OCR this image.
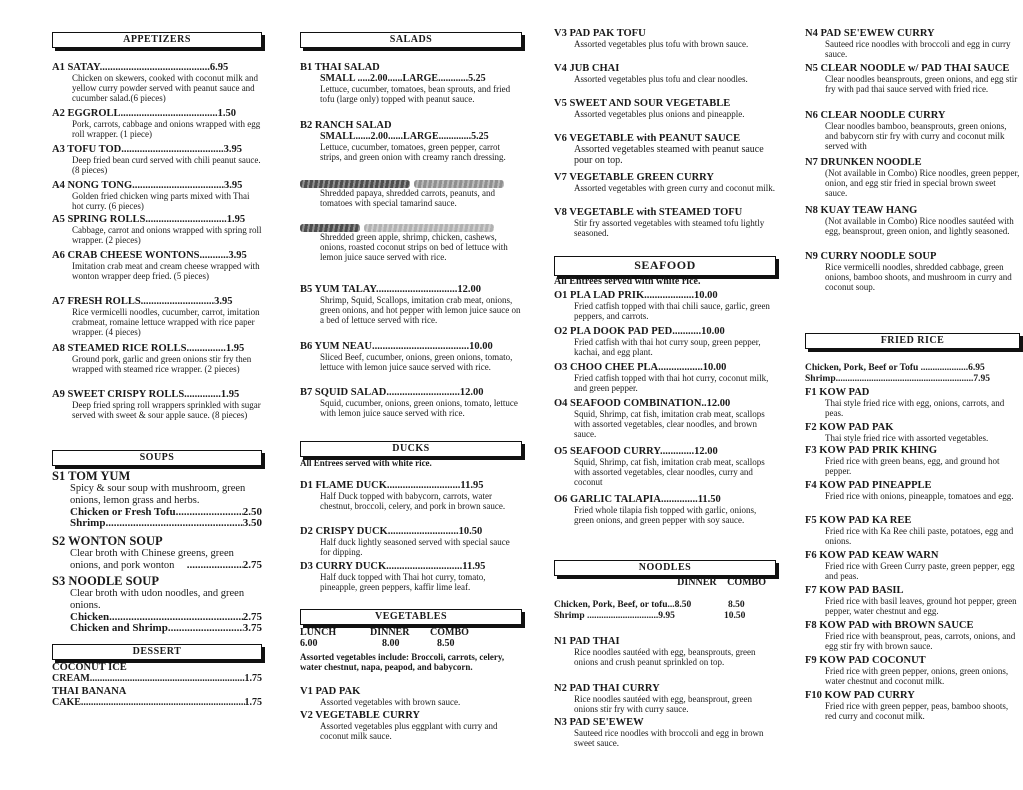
APPETIZERS
A1 SATAY..........................................6.95
Chicken on skewers, cooked with coconut milk and yellow curry powder served with peanut sauce and cucumber salad.(6 pieces)
A2 EGGROLL.....................................1.50
Pork, carrots, cabbage and onions wrapped with egg roll wrapper. (1 piece)
A3 TOFU TOD.......................................3.95
Deep fried bean curd served with chili peanut sauce. (8 pieces)
A4 NONG TONG...................................3.95
Golden fried chicken wing parts mixed with Thai hot curry. (6 pieces)
A5 SPRING ROLLS...............................1.95
Cabbage, carrot and onions wrapped with spring roll wrapper. (2 pieces)
A6 CRAB CHEESE WONTONS...........3.95
Imitation crab meat and cream cheese wrapped with wonton wrapper deep fried. (5 pieces)
A7 FRESH ROLLS............................3.95
Rice vermicelli noodles, cucumber, carrot, imitation crabmeat, romaine lettuce wrapped with rice paper wrapper. (4 pieces)
A8 STEAMED RICE ROLLS...............1.95
Ground pork, garlic and green onions stir fry then wrapped with steamed rice wrapper. (2 pieces)
A9 SWEET CRISPY ROLLS..............1.95
Deep fried spring roll wrappers sprinkled with sugar served with sweet & sour apple sauce. (8 pieces)
SOUPS
S1 TOM YUM
Spicy & sour soup with mushroom, green onions, lemon grass and herbs.
Chicken or Fresh Tofu .....	2.50
Shrimp .....	3.50
S2 WONTON SOUP
Clear broth with Chinese greens, green onions, and pork wonton .....	2.75
S3 NOODLE SOUP
Clear broth with udon noodles, and green onions.
Chicken .....	2.75
Chicken and Shrimp .....	3.75
DESSERT
COCONUT ICE
CREAM .....	1.75
THAI BANANA
CAKE .....	1.75
SALADS
B1 THAI SALAD
SMALL .....2.00......LARGE............5.25
Lettuce, cucumber, tomatoes, bean sprouts, and fried tofu (large only) topped with peanut sauce.
B2 RANCH SALAD
SMALL......2.00......LARGE.............5.25
Lettuce, cucumber, tomatoes, green pepper, carrot strips, and green onion with creamy ranch dressing.
Shredded papaya, shredded carrots, peanuts, and tomatoes with special tamarind sauce.
Shredded green apple, shrimp, chicken, cashews, onions, roasted coconut strips on bed of lettuce with lemon juice sauce served with rice.
B5 YUM TALAY...............................12.00
Shrimp, Squid, Scallops, imitation crab meat, onions, green onions, and hot pepper with lemon juice sauce on a bed of lettuce served with rice.
B6 YUM NEAU.....................................10.00
Sliced Beef, cucumber, onions, green onions, tomato, lettuce with lemon juice sauce served with rice.
B7 SQUID SALAD............................12.00
Squid, cucumber, onions, green onions, tomato, lettuce with lemon juice sauce served with rice.
DUCKS
All Entrees served with white rice.
D1 FLAME DUCK............................11.95
Half Duck topped with babycorn, carrots, water chestnut, broccoli, celery, and pork in brown sauce.
D2 CRISPY DUCK...........................10.50
Half duck lightly seasoned served with special sauce for dipping.
D3 CURRY DUCK.............................11.95
Half duck topped with Thai hot curry, tomato, pineapple, green peppers, kaffir lime leaf.
VEGETABLES
LUNCH	DINNER	COMBO
6.00	8.00	8.50
Assorted vegetables include: Broccoli, carrots, celery, water chestnut, napa, peapod, and babycorn.
V1 PAD PAK
Assorted vegetables with brown sauce.
V2 VEGETABLE CURRY
Assorted vegetables plus eggplant with curry and coconut milk sauce.
V3 PAD PAK TOFU
Assorted vegetables plus tofu with brown sauce.
V4 JUB CHAI
Assorted vegetables plus tofu and clear noodles.
V5 SWEET AND SOUR VEGETABLE
Assorted vegetables plus onions and pineapple.
V6 VEGETABLE with PEANUT SAUCE
Assorted vegetables steamed with peanut sauce pour on top.
V7 VEGETABLE GREEN CURRY
Assorted vegetables with green curry and coconut milk.
V8 VEGETABLE with STEAMED TOFU
Stir fry assorted vegetables with steamed tofu lightly seasoned.
SEAFOOD
All Entrees served with white rice.
O1 PLA LAD PRIK...................10.00
Fried catfish topped with thai chili sauce, garlic, green peppers, and carrots.
O2 PLA DOOK PAD PED...........10.00
Fried catfish with thai hot curry soup, green pepper, kachai, and egg plant.
O3 CHOO CHEE PLA.................10.00
Fried catfish topped with thai hot curry, coconut milk, and green pepper.
O4 SEAFOOD COMBINATION..12.00
Squid, Shrimp, cat fish, imitation crab meat, scallops with assorted vegetables, clear noodles, and brown sauce.
O5 SEAFOOD CURRY.............12.00
Squid, Shrimp, cat fish, imitation crab meat, scallops with assorted vegetables, clear noodles, curry and coconut
O6 GARLIC TALAPIA..............11.50
Fried whole tilapia fish topped with garlic, onions, green onions, and green pepper with soy sauce.
NOODLES
DINNER COMBO
Chicken, Pork, Beef, or tofu...8.50	8.50
Shrimp ..............................9.95	10.50
N1 PAD THAI
Rice noodles sautéed with egg, beansprouts, green onions and crush peanut sprinkled on top.
N2 PAD THAI CURRY
Rice noodles sautéed with egg, beansprout, green onions stir fry with curry sauce.
N3 PAD SE'EWEW
Sauteed rice noodles with broccoli and egg in brown sweet sauce.
N4 PAD SE'EWEW CURRY
Sauteed rice noodles with broccoli and egg in curry sauce.
N5 CLEAR NOODLE w/ PAD THAI SAUCE
Clear noodles beansprouts, green onions, and egg stir fry with pad thai sauce served with fried rice.
N6 CLEAR NOODLE CURRY
Clear noodles bamboo, beansprouts, green onions, and babycorn stir fry with curry and coconut milk served with
N7 DRUNKEN NOODLE
(Not available in Combo) Rice noodles, green pepper, onion, and egg stir fried in special brown sweet sauce.
N8 KUAY TEAW HANG
(Not available in Combo) Rice noodles sautéed with egg, beansprout, green onion, and lightly seasoned.
N9 CURRY NOODLE SOUP
Rice vermicelli noodles, shredded cabbage, green onions, bamboo shoots, and mushroom in curry and coconut soup.
FRIED RICE
Chicken, Pork, Beef or Tofu ....................6.95
Shrimp..........................................................7.95
F1 KOW PAD
Thai style fried rice with egg, onions, carrots, and peas.
F2 KOW PAD PAK
Thai style fried rice with assorted vegetables.
F3 KOW PAD PRIK KHING
Fried rice with green beans, egg, and ground hot pepper.
F4 KOW PAD PINEAPPLE
Fried rice with onions, pineapple, tomatoes and egg.
F5 KOW PAD KA REE
Fried rice with Ka Ree chili paste, potatoes, egg and onions.
F6 KOW PAD KEAW WARN
Fried rice with Green Curry paste, green pepper, egg and peas.
F7 KOW PAD BASIL
Fried rice with basil leaves, ground hot pepper, green pepper, water chestnut and egg.
F8 KOW PAD with BROWN SAUCE
Fried rice with beansprout, peas, carrots, onions, and egg stir fry with brown sauce.
F9 KOW PAD COCONUT
Fried rice with green pepper, onions, green onions, water chestnut and coconut milk.
F10 KOW PAD CURRY
Fried rice with green pepper, peas, bamboo shoots, red curry and coconut milk.
